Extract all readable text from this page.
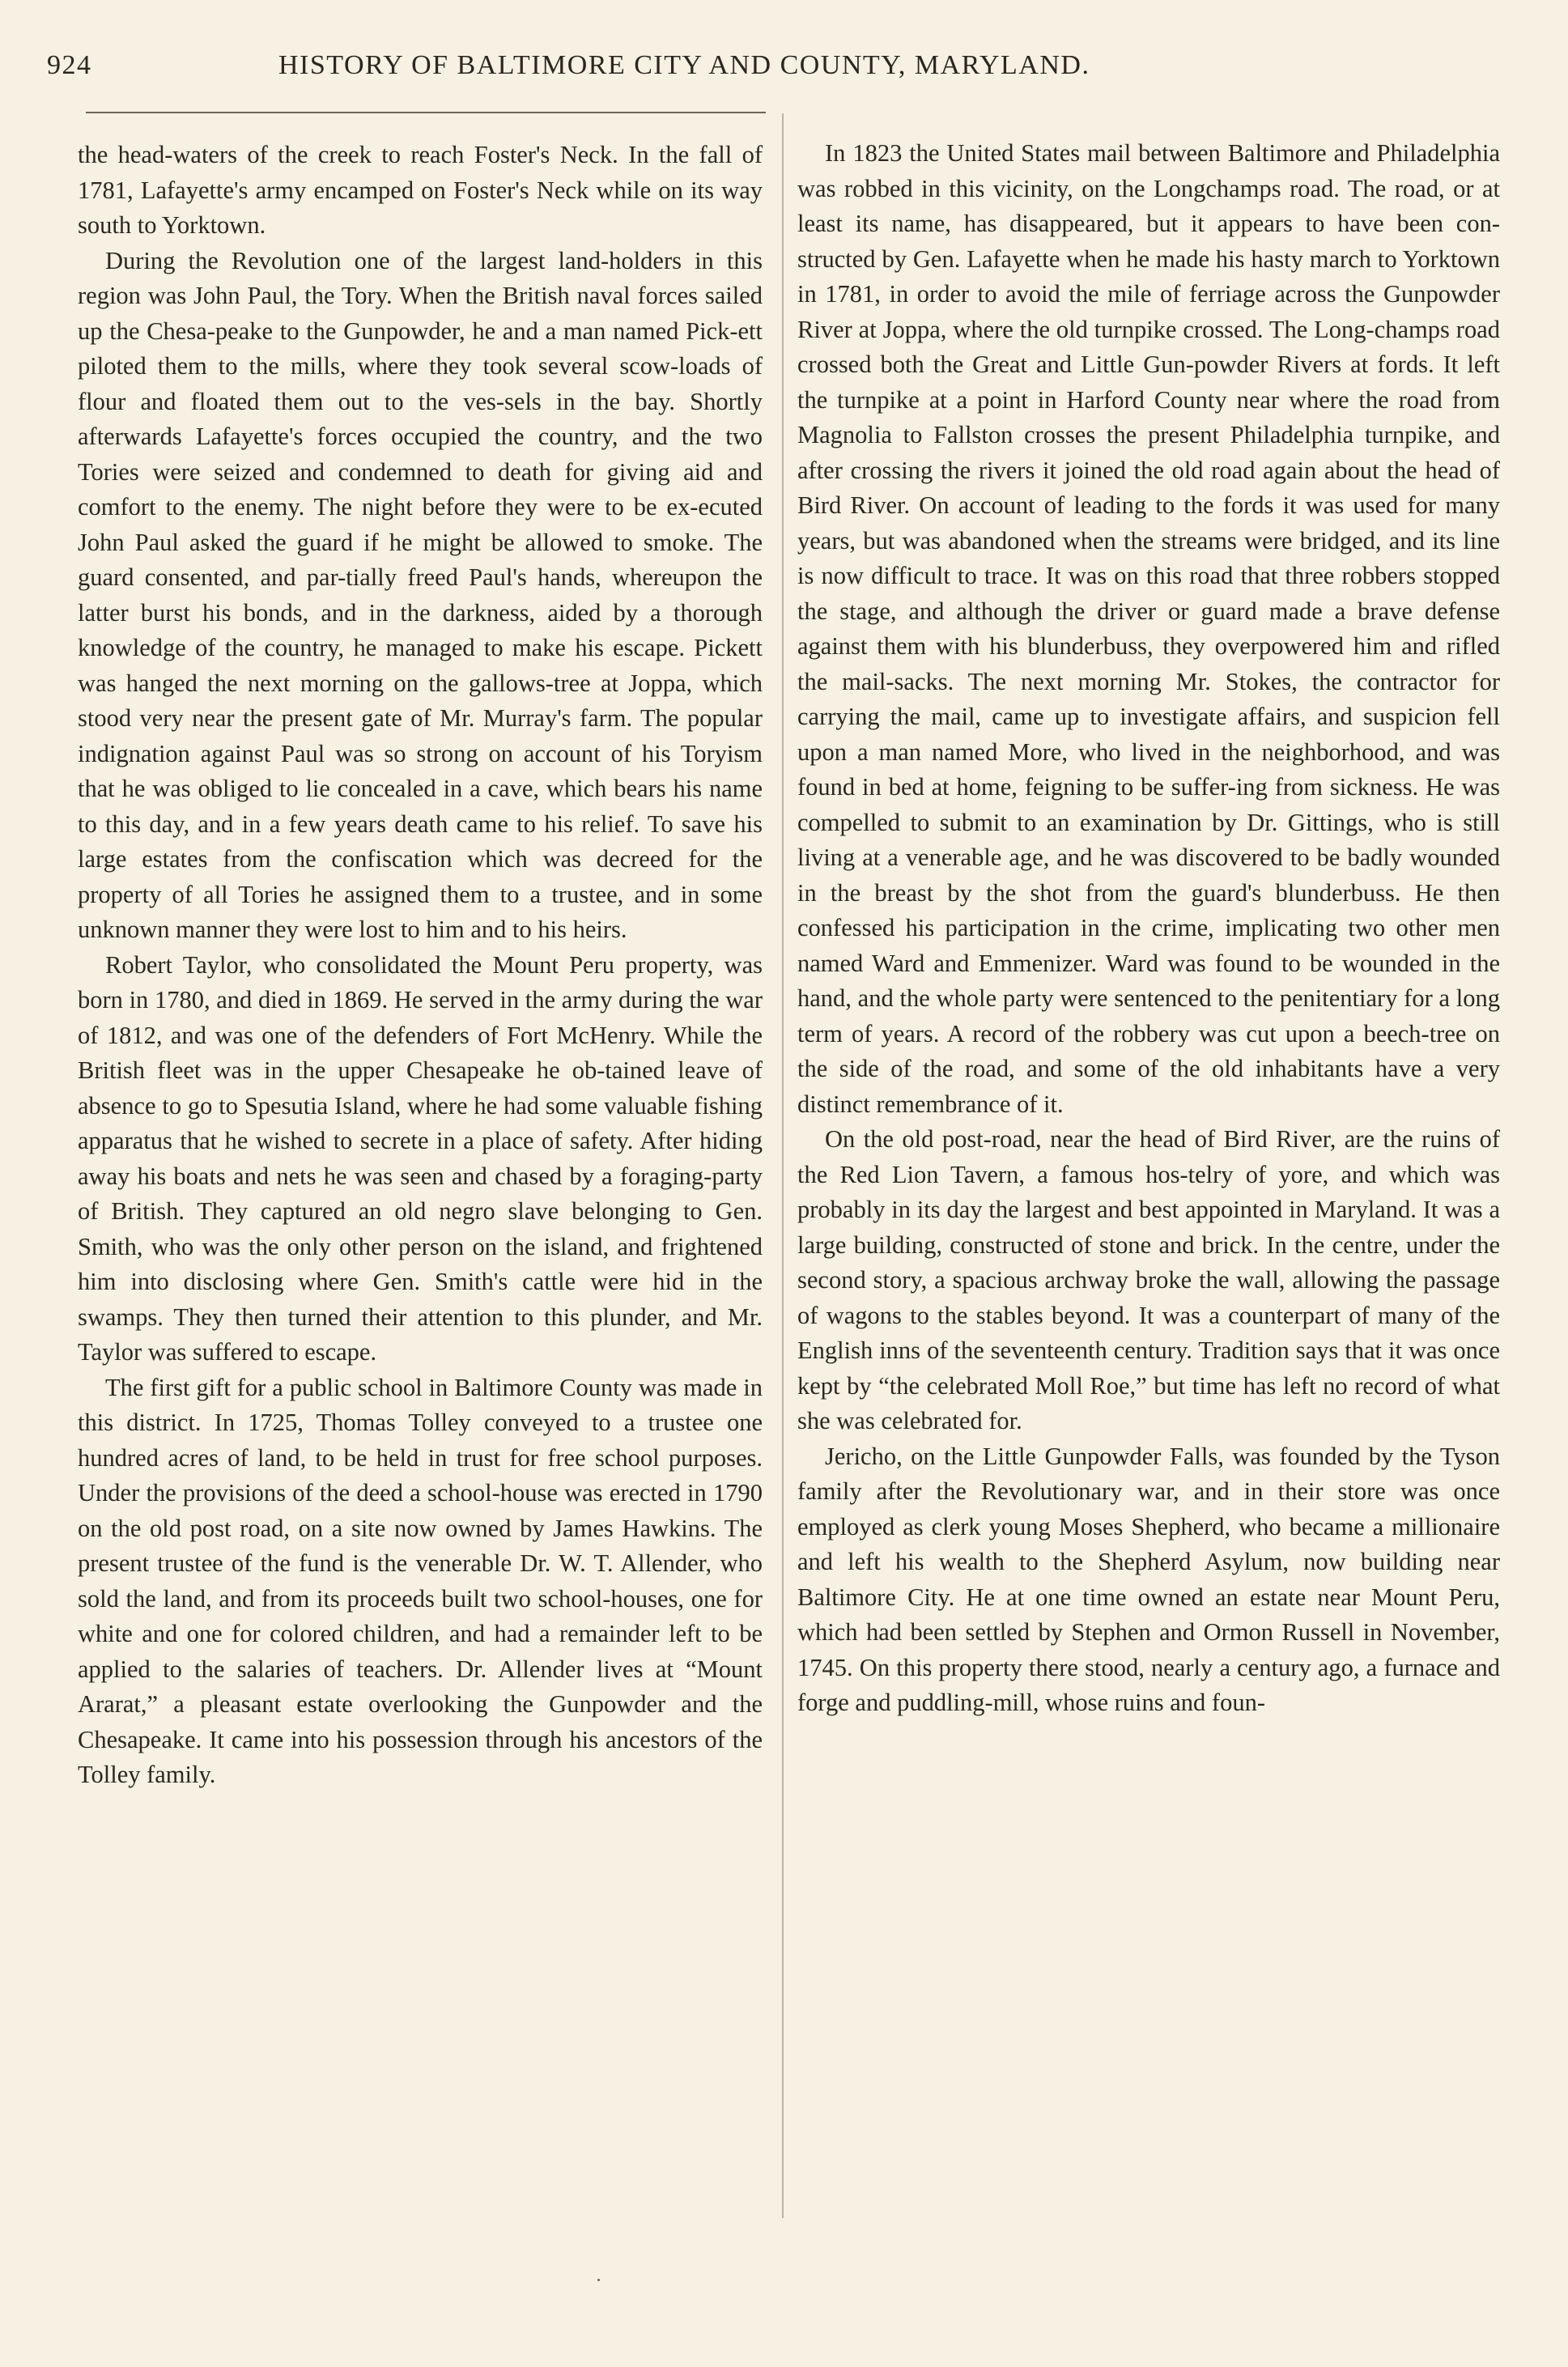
924	HISTORY OF BALTIMORE CITY AND COUNTY, MARYLAND.

the head-waters of the creek to reach Foster's Neck. In the fall of 1781, Lafayette's army encamped on Foster's Neck while on its way south to Yorktown.

During the Revolution one of the largest land-holders in this region was John Paul, the Tory. When the British naval forces sailed up the Chesa-peake to the Gunpowder, he and a man named Pick-ett piloted them to the mills, where they took several scow-loads of flour and floated them out to the ves-sels in the bay. Shortly afterwards Lafayette's forces occupied the country, and the two Tories were seized and condemned to death for giving aid and comfort to the enemy. The night before they were to be ex-ecuted John Paul asked the guard if he might be allowed to smoke. The guard consented, and par-tially freed Paul's hands, whereupon the latter burst his bonds, and in the darkness, aided by a thorough knowledge of the country, he managed to make his escape. Pickett was hanged the next morning on the gallows-tree at Joppa, which stood very near the present gate of Mr. Murray's farm. The popular indignation against Paul was so strong on account of his Toryism that he was obliged to lie concealed in a cave, which bears his name to this day, and in a few years death came to his relief. To save his large estates from the confiscation which was decreed for the property of all Tories he assigned them to a trustee, and in some unknown manner they were lost to him and to his heirs.

Robert Taylor, who consolidated the Mount Peru property, was born in 1780, and died in 1869. He served in the army during the war of 1812, and was one of the defenders of Fort McHenry. While the British fleet was in the upper Chesapeake he ob-tained leave of absence to go to Spesutia Island, where he had some valuable fishing apparatus that he wished to secrete in a place of safety. After hiding away his boats and nets he was seen and chased by a foraging-party of British. They captured an old negro slave belonging to Gen. Smith, who was the only other person on the island, and frightened him into disclosing where Gen. Smith's cattle were hid in the swamps. They then turned their attention to this plunder, and Mr. Taylor was suffered to escape.

The first gift for a public school in Baltimore County was made in this district. In 1725, Thomas Tolley conveyed to a trustee one hundred acres of land, to be held in trust for free school purposes. Under the provisions of the deed a school-house was erected in 1790 on the old post road, on a site now owned by James Hawkins. The present trustee of the fund is the venerable Dr. W. T. Allender, who sold the land, and from its proceeds built two school-houses, one for white and one for colored children, and had a remainder left to be applied to the salaries of teachers. Dr. Allender lives at “Mount Ararat,” a pleasant estate overlooking the Gunpowder and the Chesapeake. It came into his possession through his ancestors of the Tolley family.

In 1823 the United States mail between Baltimore and Philadelphia was robbed in this vicinity, on the Longchamps road. The road, or at least its name, has disappeared, but it appears to have been con-structed by Gen. Lafayette when he made his hasty march to Yorktown in 1781, in order to avoid the mile of ferriage across the Gunpowder River at Joppa, where the old turnpike crossed. The Long-champs road crossed both the Great and Little Gun-powder Rivers at fords. It left the turnpike at a point in Harford County near where the road from Magnolia to Fallston crosses the present Philadelphia turnpike, and after crossing the rivers it joined the old road again about the head of Bird River. On account of leading to the fords it was used for many years, but was abandoned when the streams were bridged, and its line is now difficult to trace. It was on this road that three robbers stopped the stage, and although the driver or guard made a brave defense against them with his blunderbuss, they overpowered him and rifled the mail-sacks. The next morning Mr. Stokes, the contractor for carrying the mail, came up to investigate affairs, and suspicion fell upon a man named More, who lived in the neighborhood, and was found in bed at home, feigning to be suffer-ing from sickness. He was compelled to submit to an examination by Dr. Gittings, who is still living at a venerable age, and he was discovered to be badly wounded in the breast by the shot from the guard's blunderbuss. He then confessed his participation in the crime, implicating two other men named Ward and Emmenizer. Ward was found to be wounded in the hand, and the whole party were sentenced to the penitentiary for a long term of years. A record of the robbery was cut upon a beech-tree on the side of the road, and some of the old inhabitants have a very distinct remembrance of it.

On the old post-road, near the head of Bird River, are the ruins of the Red Lion Tavern, a famous hos-telry of yore, and which was probably in its day the largest and best appointed in Maryland. It was a large building, constructed of stone and brick. In the centre, under the second story, a spacious archway broke the wall, allowing the passage of wagons to the stables beyond. It was a counterpart of many of the English inns of the seventeenth century. Tradition says that it was once kept by “the celebrated Moll Roe,” but time has left no record of what she was celebrated for.

Jericho, on the Little Gunpowder Falls, was founded by the Tyson family after the Revolutionary war, and in their store was once employed as clerk young Moses Shepherd, who became a millionaire and left his wealth to the Shepherd Asylum, now building near Baltimore City. He at one time owned an estate near Mount Peru, which had been settled by Stephen and Ormon Russell in November, 1745. On this property there stood, nearly a century ago, a furnace and forge and puddling-mill, whose ruins and foun-
